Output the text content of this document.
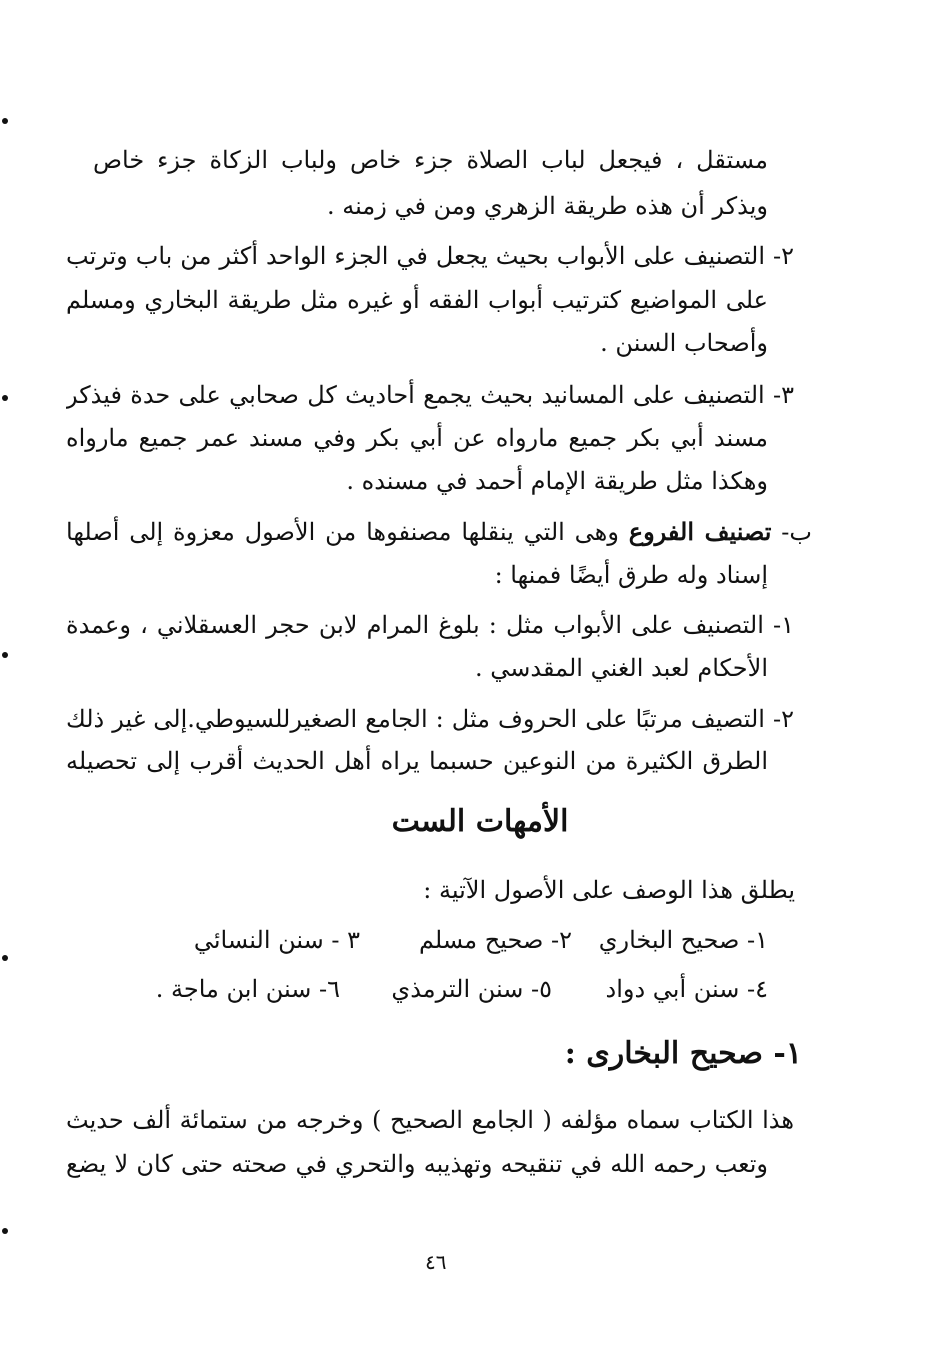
مستقل ، فيجعل لباب الصلاة جزء خاص ولباب الزكاة جزء خاص
ويذكر أن هذه طريقة الزهري ومن في زمنه .
٢- التصنيف على الأبواب بحيث يجعل في الجزء الواحد أكثر من باب وترتب
على المواضيع كترتيب أبواب الفقه أو غيره مثل طريقة البخاري ومسلم
وأصحاب السنن .
٣- التصنيف على المسانيد بحيث يجمع أحاديث كل صحابي على حدة فيذكر
مسند أبي بكر جميع مارواه عن أبي بكر وفي مسند عمر جميع مارواه
وهكذا مثل طريقة الإمام أحمد في مسنده .
ب- تصنيف الفروع وهى التي ينقلها مصنفوها من الأصول معزوة إلى أصلها
إسناد وله طرق أيضًا فمنها :
١- التصنيف على الأبواب مثل : بلوغ المرام لابن حجر العسقلاني ، وعمدة
الأحكام لعبد الغني المقدسي .
٢- التصيف مرتبًا على الحروف مثل : الجامع الصغيرللسيوطي.إلى غير ذلك
الطرق الكثيرة من النوعين حسبما يراه أهل الحديث أقرب إلى تحصيله
الأمهات الست
يطلق هذا الوصف على الأصول الآتية :
١- صحيح البخاري
٢- صحيح مسلم
٣ - سنن النسائي
٤- سنن أبي دواد
٥- سنن الترمذي
٦- سنن ابن ماجة .
١- صحيح البخارى :
هذا الكتاب سماه مؤلفه ( الجامع الصحيح ) وخرجه من ستمائة ألف حديث
وتعب رحمه الله في تنقيحه وتهذيبه والتحري في صحته حتى كان لا يضع
٤٦
